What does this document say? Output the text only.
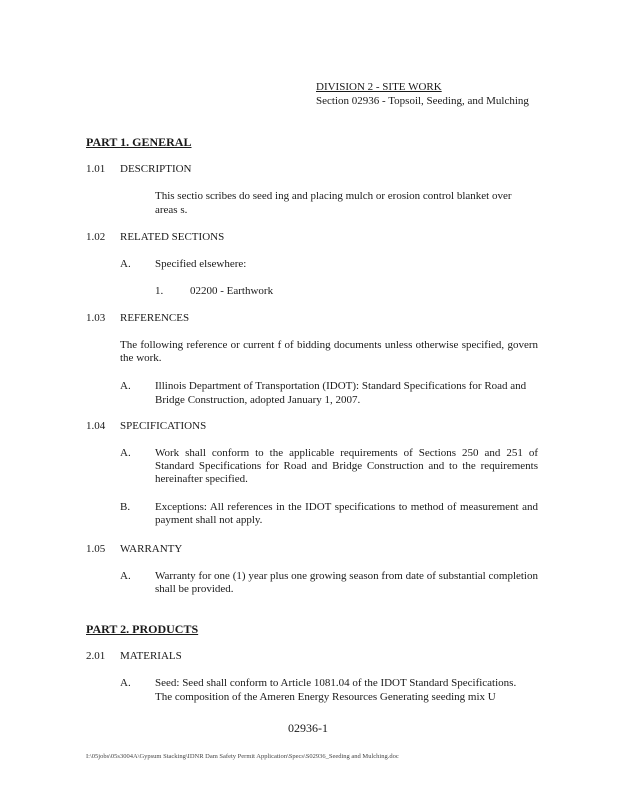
DIVISION 2 - SITE WORK
Section 02936 - Topsoil, Seeding, and Mulching
PART 1. GENERAL
1.01 DESCRIPTION
This sectio scribes do seed ing and placing mulch or erosion control blanket over
areas s.
1.02 RELATED SECTIONS
A. Specified elsewhere:
1. 02200 - Earthwork
1.03 REFERENCES
The following reference or current f of bidding documents unless otherwise specified, govern the work.
A. Illinois Department of Transportation (IDOT): Standard Specifications for Road and
Bridge Construction, adopted January 1, 2007.
1.04 SPECIFICATIONS
A. Work shall conform to the applicable requirements of Sections 250 and 251 of Standard Specifications for Road and Bridge Construction and to the requirements hereinafter specified.
B. Exceptions: All references in the IDOT specifications to method of measurement and payment shall not apply.
1.05 WARRANTY
A. Warranty for one (1) year plus one growing season from date of substantial completion shall be provided.
PART 2. PRODUCTS
2.01 MATERIALS
A. Seed: Seed shall conform to Article 1081.04 of the IDOT Standard Specifications.
The composition of the Ameren Energy Resources Generating seeding mix U
02936-1
I:\05jobs\05s3004A\Gypsum Stacking\IDNR Dam Safety Permit Application\Specs\S02936_Seeding and Mulching.doc
